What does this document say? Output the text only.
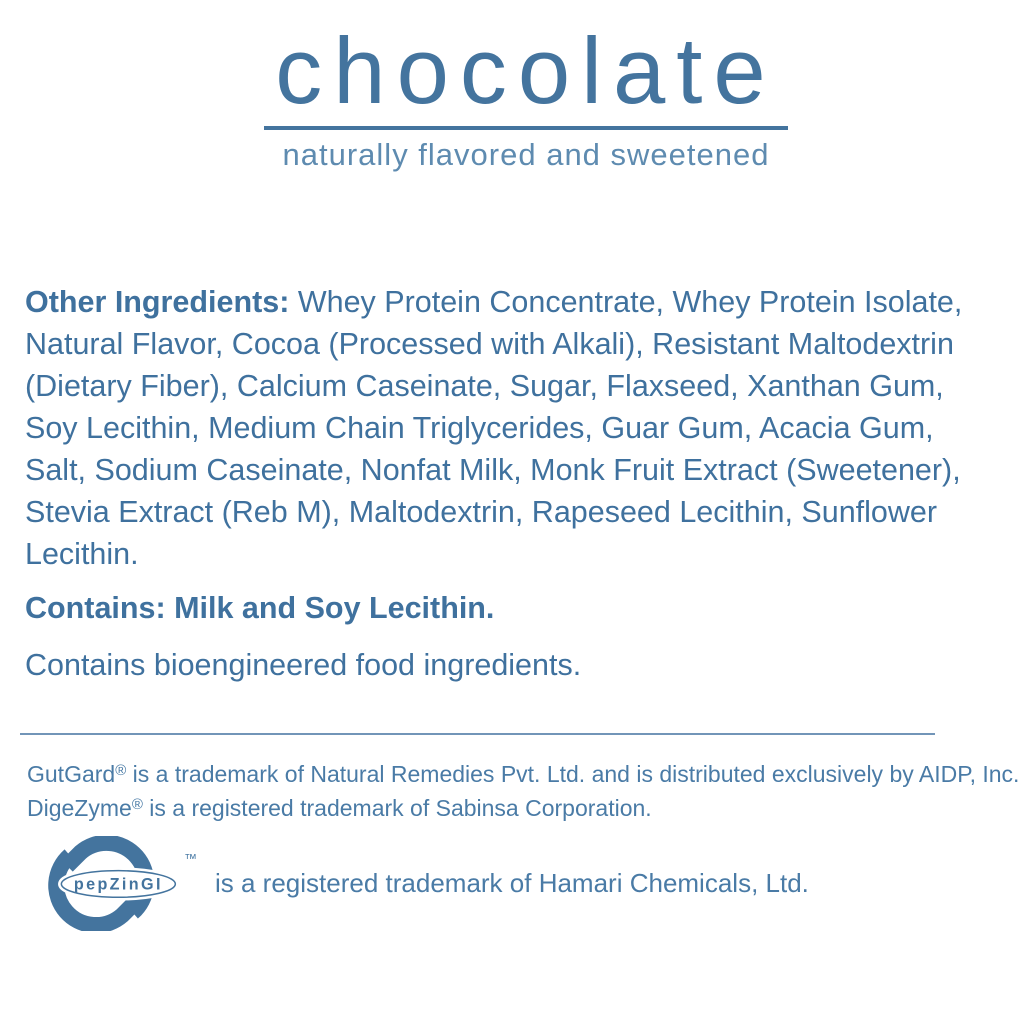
chocolate
naturally flavored and sweetened

Other Ingredients: Whey Protein Concentrate, Whey Protein Isolate, Natural Flavor, Cocoa (Processed with Alkali), Resistant Maltodextrin (Dietary Fiber), Calcium Caseinate, Sugar, Flaxseed, Xanthan Gum, Soy Lecithin, Medium Chain Triglycerides, Guar Gum, Acacia Gum, Salt, Sodium Caseinate, Nonfat Milk, Monk Fruit Extract (Sweetener), Stevia Extract (Reb M), Maltodextrin, Rapeseed Lecithin, Sunflower Lecithin.

Contains: Milk and Soy Lecithin.

Contains bioengineered food ingredients.

GutGard® is a trademark of Natural Remedies Pvt. Ltd. and is distributed exclusively by AIDP, Inc.

DigeZyme® is a registered trademark of Sabinsa Corporation.

pepZinGI
™
is a registered trademark of Hamari Chemicals, Ltd.
